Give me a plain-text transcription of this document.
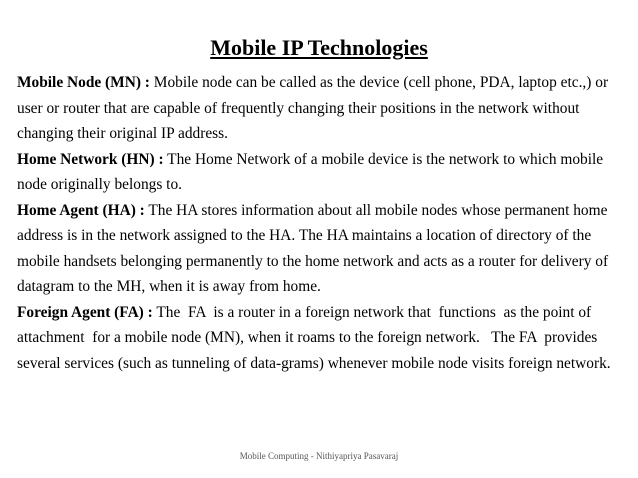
Mobile IP Technologies

Mobile Node (MN) : Mobile node can be called as the device (cell phone, PDA, laptop etc.,) or user or router that are capable of frequently changing their positions in the network without changing their original IP address.

Home Network (HN) : The Home Network of a mobile device is the network to which mobile node originally belongs to.

Home Agent (HA) : The HA stores information about all mobile nodes whose permanent home address is in the network assigned to the HA. The HA maintains a location of directory of the mobile handsets belonging permanently to the home network and acts as a router for delivery of datagram to the MH, when it is away from home.

Foreign Agent (FA) : The  FA  is a router in a foreign network that  functions  as the point of attachment  for a mobile node (MN), when it roams to the foreign network.   The FA  provides several services (such as tunneling of data-grams) whenever mobile node visits foreign network.

Mobile Computing - Nithiyapriya Pasavaraj
